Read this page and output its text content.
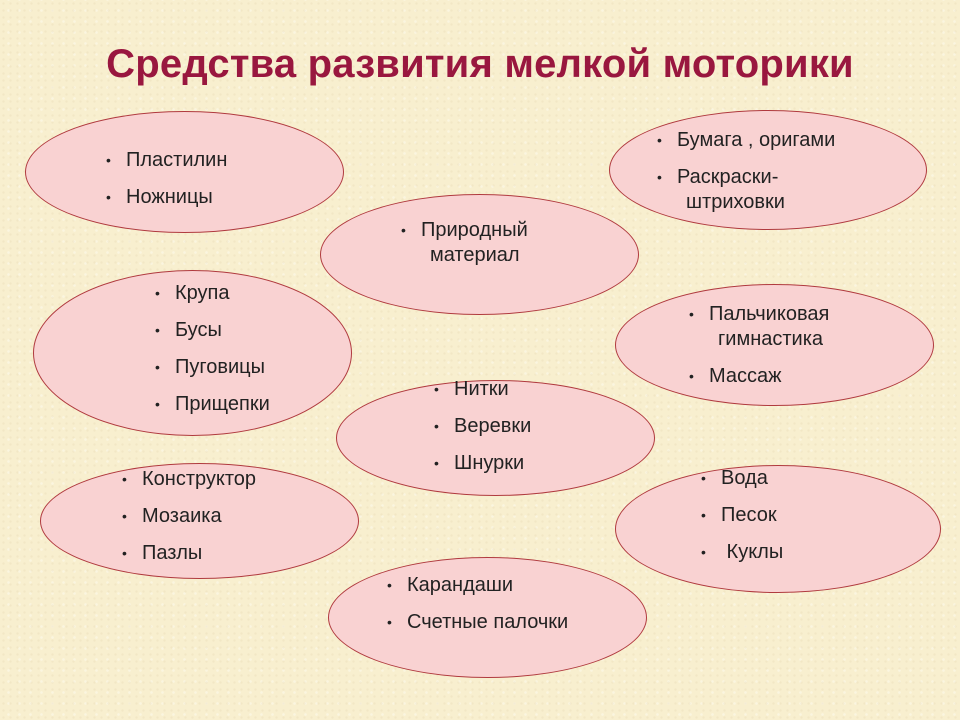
Средства развития мелкой моторики
• Пластилин
• Ножницы
• Бумага , оригами
• Раскраски-
штриховки
• Природный
материал
• Крупа
• Бусы
• Пуговицы
• Прищепки
• Пальчиковая
гимнастика
• Массаж
• Нитки
• Веревки
• Шнурки
• Конструктор
• Мозаика
• Пазлы
• Вода
• Песок
• Куклы
• Карандаши
• Счетные палочки
